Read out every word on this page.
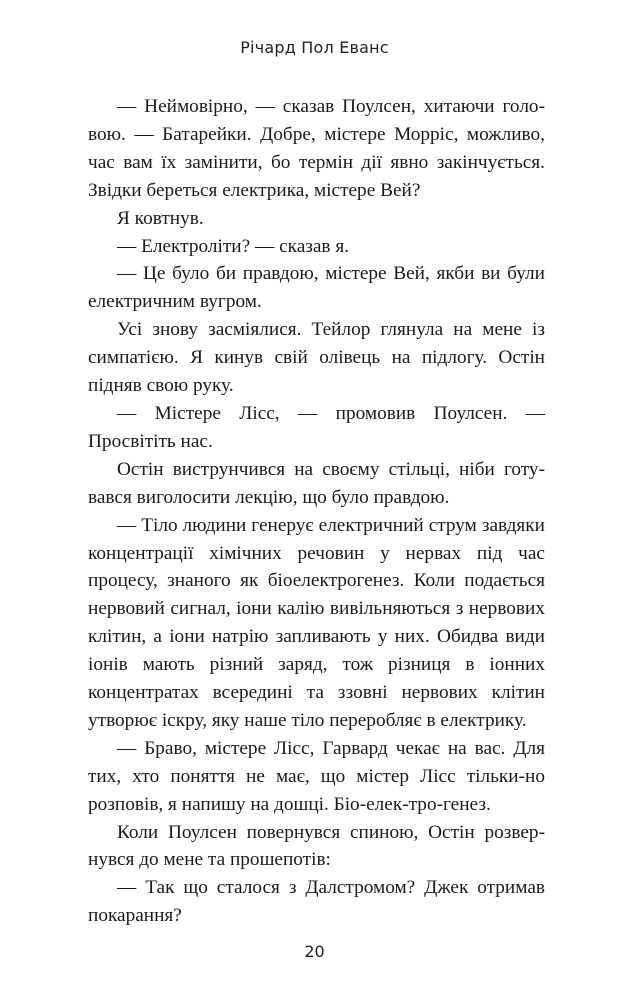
Річард Пол Еванс

— Неймовірно, — сказав Поулсен, хитаючи головою. — Батарейки. Добре, містере Морріс, можливо, час вам їх замінити, бо термін дії явно закінчується. Звідки береться електрика, містере Вей?

Я ковтнув.

— Електроліти? — сказав я.

— Це було би правдою, містере Вей, якби ви були електричним вугром.

Усі знову засміялися. Тейлор глянула на мене із симпатією. Я кинув свій олівець на підлогу. Остін підняв свою руку.

— Містере Лісс, — промовив Поулсен. — Просвітіть нас.

Остін виструнчився на своєму стільці, ніби готувався виголосити лекцію, що було правдою.

— Тіло людини генерує електричний струм завдяки концентрації хімічних речовин у нервах під час процесу, знаного як біоелектрогенез. Коли подається нервовий сигнал, іони калію вивільняються з нервових клітин, а іони натрію запливають у них. Обидва види іонів мають різний заряд, тож різниця в іонних концентратах всередині та ззовні нервових клітин утворює іскру, яку наше тіло переробляє в електрику.

— Браво, містере Лісс, Гарвард чекає на вас. Для тих, хто поняття не має, що містер Лісс тільки-но розповів, я напишу на дошці. Біо-елек-тро-генез.

Коли Поулсен повернувся спиною, Остін розвернувся до мене та прошепотів:

— Так що сталося з Далстромом? Джек отримав покарання?

20
